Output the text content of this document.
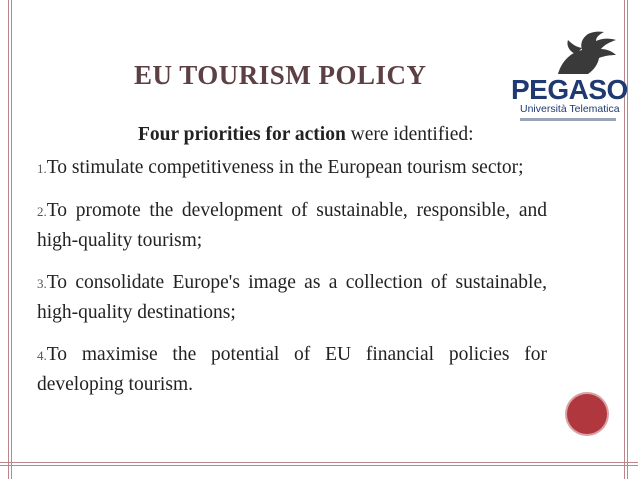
EU TOURISM POLICY	PEGASO
Università Telematica
Four priorities for action were identified:
1.To stimulate competitiveness in the European tourism sector;
2.To promote the development of sustainable, responsible, and high-quality tourism;
3.To consolidate Europe's image as a collection of sustainable, high-quality destinations;
4.To maximise the potential of EU financial policies for developing tourism.
